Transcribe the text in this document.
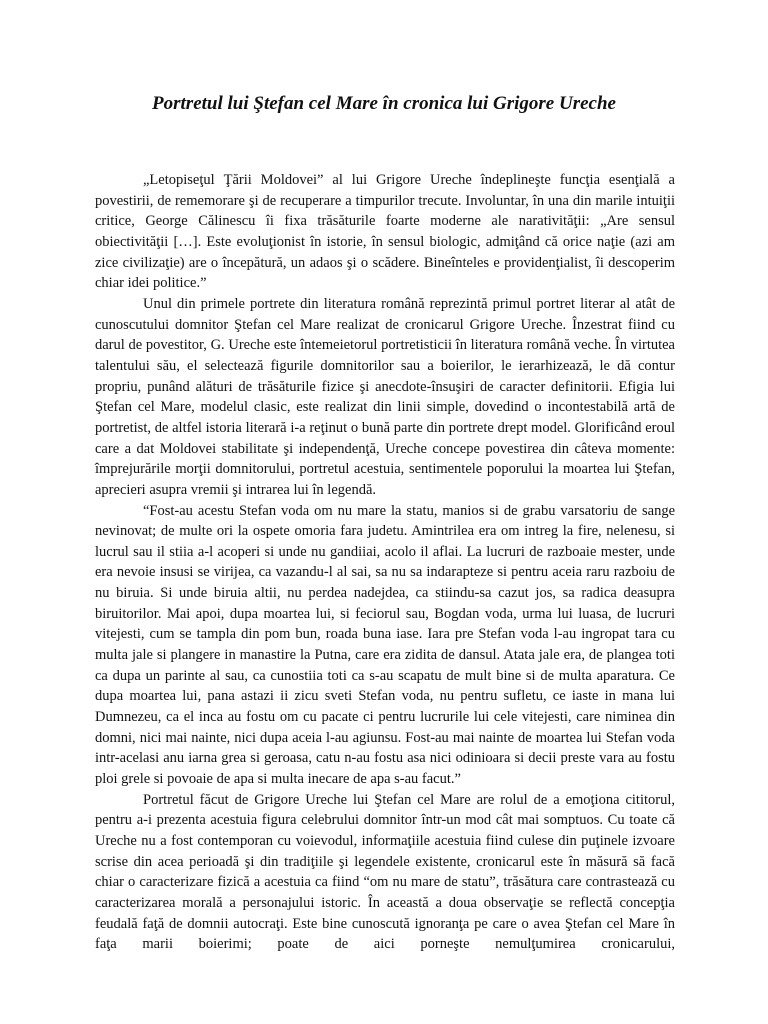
Portretul lui Ştefan cel Mare în cronica lui Grigore Ureche

„Letopiseţul Ţării Moldovei” al lui Grigore Ureche îndeplineşte funcţia esenţială a povestirii, de rememorare şi de recuperare a timpurilor trecute. Involuntar, în una din marile intuiţii critice, George Călinescu îi fixa trăsăturile foarte moderne ale narativităţii: „Are sensul obiectivităţii […]. Este evoluţionist în istorie, în sensul biologic, admiţând că orice naţie (azi am zice civilizaţie) are o începătură, un adaos şi o scădere. Bineînteles e providenţialist, îi descoperim chiar idei politice.”

Unul din primele portrete din literatura română reprezintă primul portret literar al atât de cunoscutului domnitor Ştefan cel Mare realizat de cronicarul Grigore Ureche. Înzestrat fiind cu darul de povestitor, G. Ureche este întemeietorul portretisticii în literatura română veche. În virtutea talentului său, el selectează figurile domnitorilor sau a boierilor, le ierarhizează, le dă contur propriu, punând alături de trăsăturile fizice şi anecdote-însuşiri de caracter definitorii. Efigia lui Ştefan cel Mare, modelul clasic, este realizat din linii simple, dovedind o incontestabilă artă de portretist, de altfel istoria literară i-a reţinut o bună parte din portrete drept model. Glorificând eroul care a dat Moldovei stabilitate şi independenţă, Ureche concepe povestirea din câteva momente: împrejurările morţii domnitorului, portretul acestuia, sentimentele poporului la moartea lui Ştefan, aprecieri asupra vremii şi intrarea lui în legendă.

“Fost-au acestu Stefan voda om nu mare la statu, manios si de grabu varsatoriu de sange nevinovat; de multe ori la ospete omoria fara judetu. Amintrilea era om intreg la fire, nelenesu, si lucrul sau il stiia a-l acoperi si unde nu gandiiai, acolo il aflai. La lucruri de razboaie mester, unde era nevoie insusi se virijea, ca vazandu-l al sai, sa nu sa indarapteze si pentru aceia raru razboiu de nu biruia. Si unde biruia altii, nu perdea nadejdea, ca stiindu-sa cazut jos, sa radica deasupra biruitorilor. Mai apoi, dupa moartea lui, si feciorul sau, Bogdan voda, urma lui luasa, de lucruri vitejesti, cum se tampla din pom bun, roada buna iase. Iara pre Stefan voda l-au ingropat tara cu multa jale si plangere in manastire la Putna, care era zidita de dansul. Atata jale era, de plangea toti ca dupa un parinte al sau, ca cunostiia toti ca s-au scapatu de mult bine si de multa aparatura. Ce dupa moartea lui, pana astazi ii zicu sveti Stefan voda, nu pentru sufletu, ce iaste in mana lui Dumnezeu, ca el inca au fostu om cu pacate ci pentru lucrurile lui cele vitejesti, care niminea din domni, nici mai nainte, nici dupa aceia l-au agiunsu. Fost-au mai nainte de moartea lui Stefan voda intr-acelasi anu iarna grea si geroasa, catu n-au fostu asa nici odinioara si decii preste vara au fostu ploi grele si povoaie de apa si multa inecare de apa s-au facut.”

Portretul făcut de Grigore Ureche lui Ştefan cel Mare are rolul de a emoţiona cititorul, pentru a-i prezenta acestuia figura celebrului domnitor într-un mod cât mai somptuos. Cu toate că Ureche nu a fost contemporan cu voievodul, informaţiile acestuia fiind culese din puţinele izvoare scrise din acea perioadă şi din tradiţiile şi legendele existente, cronicarul este în măsură să facă chiar o caracterizare fizică a acestuia ca fiind “om nu mare de statu”, trăsătura care contrastează cu caracterizarea morală a personajului istoric. În această a doua observaţie se reflectă concepţia feudală faţă de domnii autocraţi. Este bine cunoscută ignoranţa pe care o avea Ştefan cel Mare în faţa marii boierimi; poate de aici porneşte nemulţumirea cronicarului,
